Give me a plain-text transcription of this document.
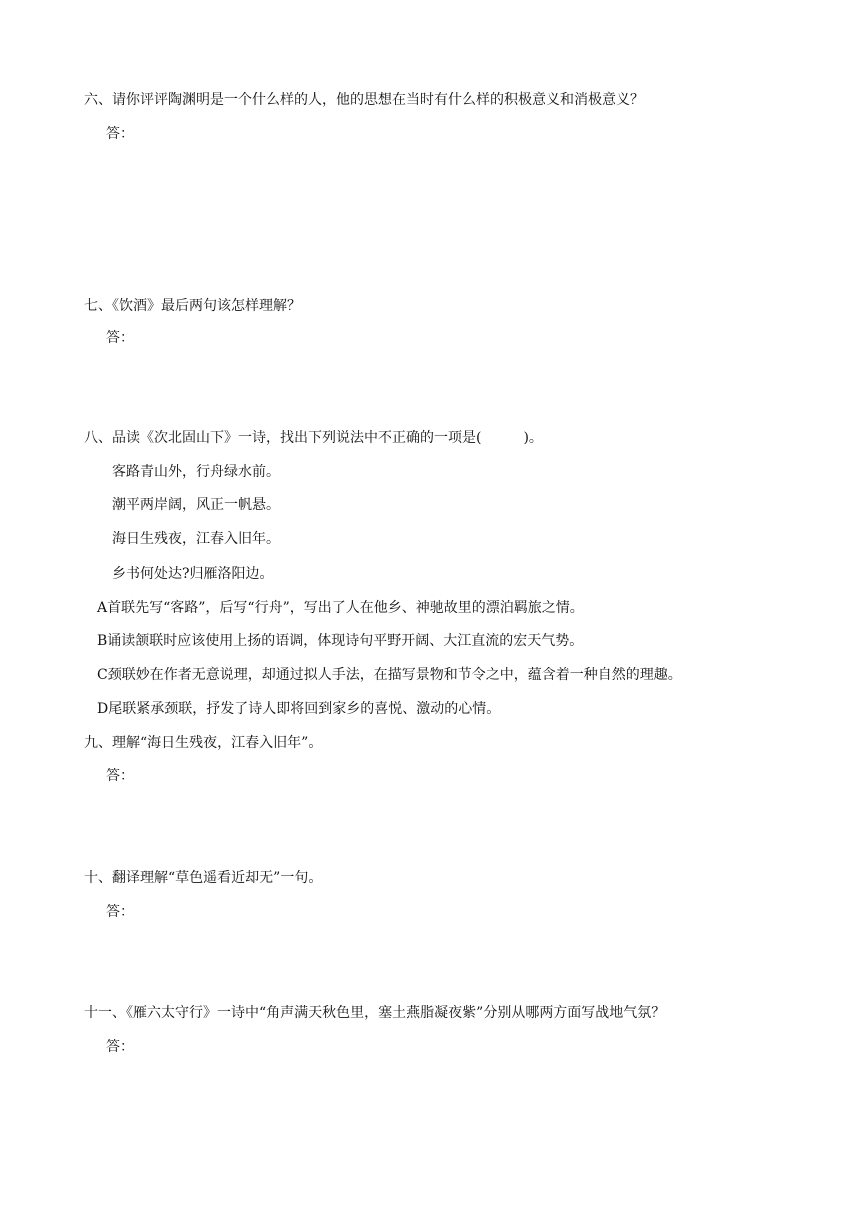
六、请你评评陶渊明是一个什么样的人，他的思想在当时有什么样的积极意义和消极意义？
答：
七、《饮酒》最后两句该怎样理解？
答：
八、品读《次北固山下》一诗，找出下列说法中不正确的一项是(　　　)。
客路青山外，行舟绿水前。
潮平两岸阔，风正一帆悬。
海日生残夜，江春入旧年。
乡书何处达?归雁洛阳边。
A首联先写“客路”，后写“行舟”，写出了人在他乡、神驰故里的漂泊羁旅之情。
B诵读颔联时应该使用上扬的语调，体现诗句平野开阔、大江直流的宏天气势。
C颈联妙在作者无意说理，却通过拟人手法，在描写景物和节令之中，蕴含着一种自然的理趣。
D尾联紧承颈联，抒发了诗人即将回到家乡的喜悦、激动的心情。
九、理解“海日生残夜，江春入旧年”。
答：
十、翻译理解“草色遥看近却无”一句。
答：
十一、《雁六太守行》一诗中“角声满天秋色里，塞土燕脂凝夜紫”分别从哪两方面写战地气氛？
答：
